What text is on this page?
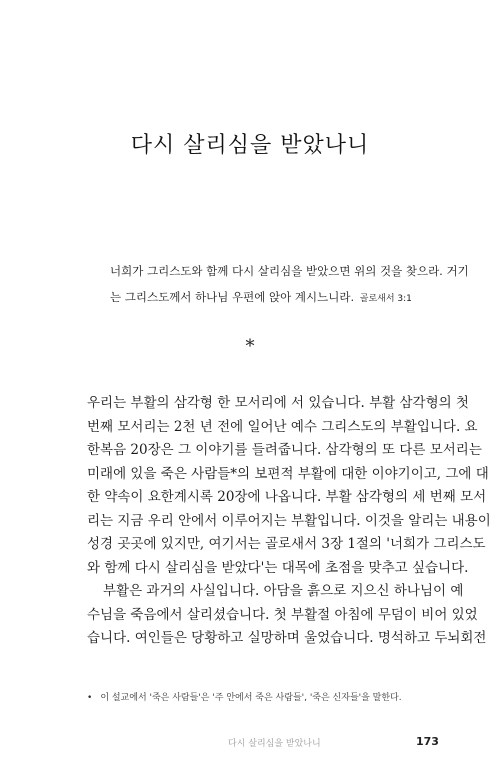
다시 살리심을 받았나니

너희가 그리스도와 함께 다시 살리심을 받았으면 위의 것을 찾으라. 거기

는 그리스도께서 하나님 우편에 앉아 계시느니라. 골로새서 3:1

*
우리는 부활의 삼각형 한 모서리에 서 있습니다. 부활 삼각형의 첫
번째 모서리는 2천 년 전에 일어난 예수 그리스도의 부활입니다. 요
한복음 20장은 그 이야기를 들려줍니다. 삼각형의 또 다른 모서리는
미래에 있을 죽은 사람들*의 보편적 부활에 대한 이야기이고, 그에 대
한 약속이 요한계시록 20장에 나옵니다. 부활 삼각형의 세 번째 모서
리는 지금 우리 안에서 이루어지는 부활입니다. 이것을 알리는 내용이
성경 곳곳에 있지만, 여기서는 골로새서 3장 1절의 '너희가 그리스도
와 함께 다시 살리심을 받았다'는 대목에 초점을 맞추고 싶습니다.
부활은 과거의 사실입니다. 아담을 흙으로 지으신 하나님이 예
수님을 죽음에서 살리셨습니다. 첫 부활절 아침에 무덤이 비어 있었
습니다. 여인들은 당황하고 실망하며 울었습니다. 명석하고 두뇌회전
• 이 설교에서 '죽은 사람들'은 '주 안에서 죽은 사람들', '죽은 신자들'을 말한다.
다시 살리심을 받았나니	173
